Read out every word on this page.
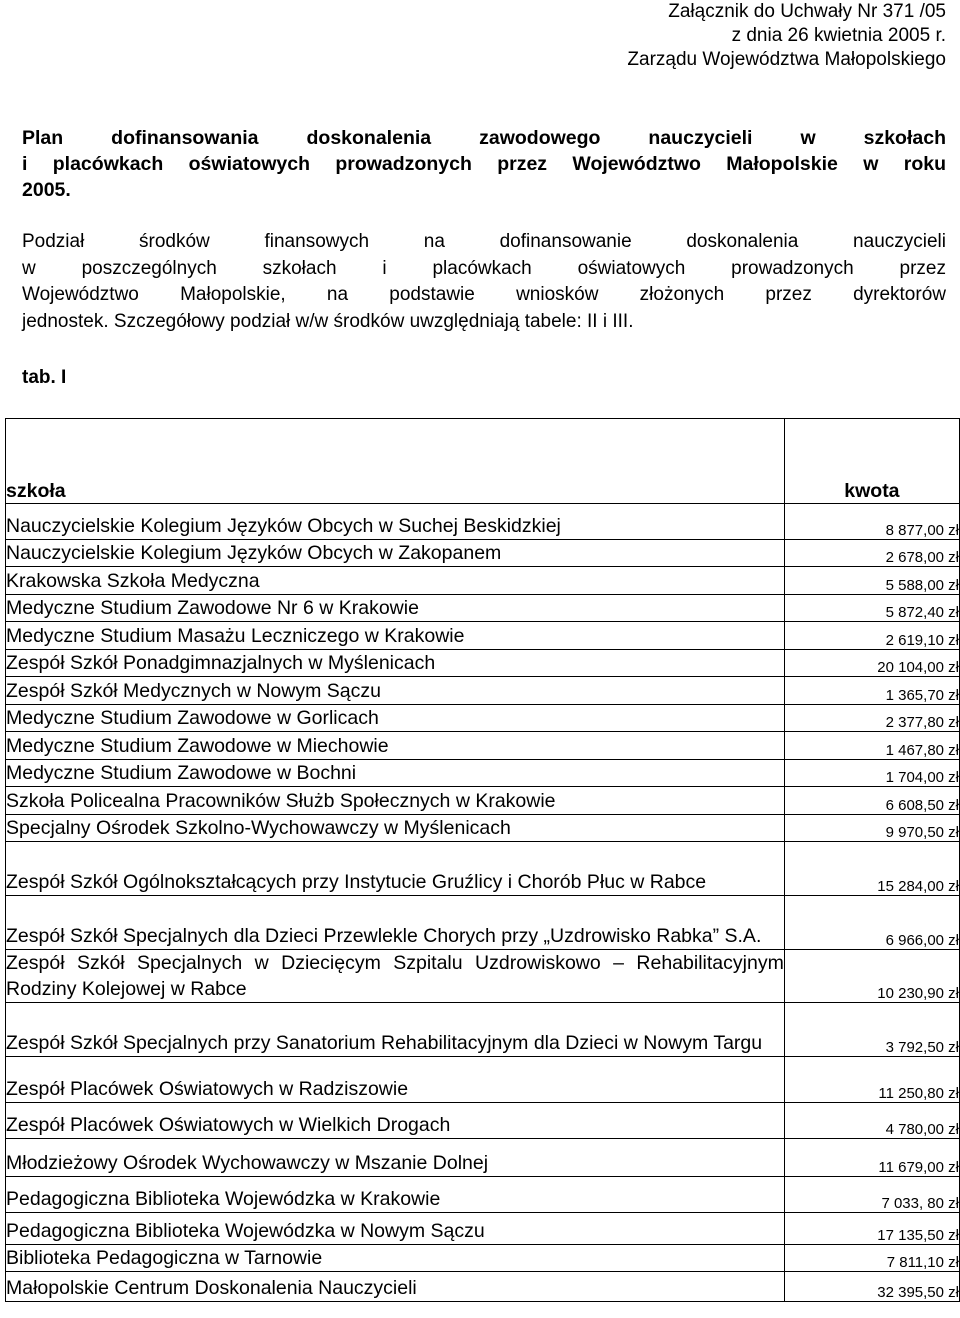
Załącznik do Uchwały Nr 371 /05
z dnia 26 kwietnia 2005 r.
Zarządu Województwa Małopolskiego
Plan dofinansowania doskonalenia zawodowego nauczycieli w szkołach
i placówkach oświatowych prowadzonych przez Województwo Małopolskie w roku
2005.
Podział środków finansowych na dofinansowanie doskonalenia nauczycieli
w poszczególnych szkołach i placówkach oświatowych prowadzonych przez
Województwo Małopolskie, na podstawie wniosków złożonych przez dyrektorów
jednostek. Szczegółowy podział w/w środków uwzględniają tabele: II i III.
tab. I
szkoła	kwota
Nauczycielskie Kolegium Języków Obcych w Suchej Beskidzkiej	8 877,00 zł
Nauczycielskie Kolegium Języków Obcych w Zakopanem	2 678,00 zł
Krakowska Szkoła Medyczna	5 588,00 zł
Medyczne Studium Zawodowe Nr 6 w Krakowie	5 872,40 zł
Medyczne Studium Masażu Leczniczego w Krakowie	2 619,10 zł
Zespół Szkół Ponadgimnazjalnych w Myślenicach	20 104,00 zł
Zespół Szkół Medycznych w Nowym Sączu	1 365,70 zł
Medyczne Studium Zawodowe w Gorlicach	2 377,80 zł
Medyczne Studium Zawodowe w Miechowie	1 467,80 zł
Medyczne Studium Zawodowe w Bochni	1 704,00 zł
Szkoła Policealna Pracowników Służb Społecznych w Krakowie	6 608,50 zł
Specjalny Ośrodek Szkolno-Wychowawczy w Myślenicach	9 970,50 zł
Zespół Szkół Ogólnokształcących przy Instytucie Gruźlicy i Chorób Płuc w Rabce	15 284,00 zł
Zespół Szkół Specjalnych dla Dzieci Przewlekle Chorych przy „Uzdrowisko Rabka” S.A.	6 966,00 zł
Zespół Szkół Specjalnych w Dziecięcym Szpitalu Uzdrowiskowo – Rehabilitacyjnym Rodziny Kolejowej w Rabce	10 230,90 zł
Zespół Szkół Specjalnych przy Sanatorium Rehabilitacyjnym dla Dzieci w Nowym Targu	3 792,50 zł
Zespół Placówek Oświatowych w Radziszowie	11 250,80 zł
Zespół Placówek Oświatowych w Wielkich Drogach	4 780,00 zł
Młodzieżowy Ośrodek Wychowawczy w Mszanie Dolnej	11 679,00 zł
Pedagogiczna Biblioteka Wojewódzka w Krakowie	7 033, 80 zł
Pedagogiczna Biblioteka Wojewódzka w Nowym Sączu	17 135,50 zł
Biblioteka Pedagogiczna w Tarnowie	7 811,10 zł
Małopolskie Centrum Doskonalenia Nauczycieli	32 395,50 zł
